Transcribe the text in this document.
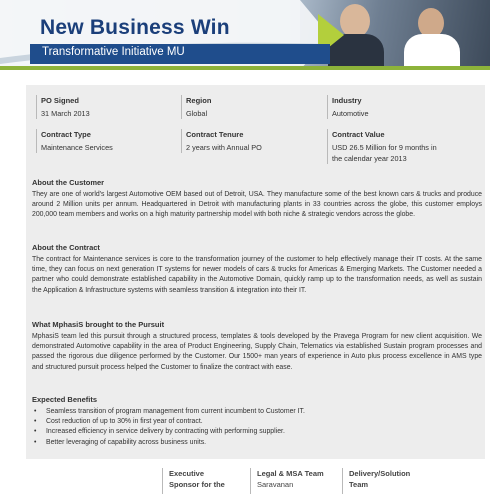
New Business Win
Transformative Initiative MU
PO Signed
31 March 2013
Region
Global
Industry
Automotive
Contract Type
Maintenance Services
Contract Tenure
2 years with Annual PO
Contract Value
USD 26.5 Million for 9 months in
the calendar year 2013
About the Customer

They are one of world's largest Automotive OEM based out of Detroit, USA. They manufacture some of the best known cars & trucks and produce around 2 Million units per annum. Headquartered in Detroit with manufacturing plants in 33 countries across the globe, this customer employs 200,000 team members and works on a high maturity partnership model with both niche & strategic vendors across the globe.

About the Contract

The contract for Maintenance services is core to the transformation journey of the customer to help effectively manage their IT costs. At the same time, they can focus on next generation IT systems for newer models of cars & trucks for Americas & Emerging Markets. The Customer needed a partner who could demonstrate established capability in the Automotive Domain, quickly ramp up to the transformation needs, as well as sustain the Application & Infrastructure systems with seamless transition & integration into their IT.

What MphasiS brought to the Pursuit

MphasiS team led this pursuit through a structured process, templates & tools developed by the Pravega Program for new client acquisition. We demonstrated Automotive capability in the area of Product Engineering, Supply Chain, Telematics via established Sustain program processes and passed the rigorous due diligence performed by the Customer. Our 1500+ man years of experience in Auto plus process excellence in AMS type and structured pursuit process helped the Customer to finalize the contract with ease.

Expected Benefits
• Seamless transition of program management from current incumbent to Customer IT.
• Cost reduction of up to 30% in first year of contract.
• Increased efficiency in service delivery by contracting with performing supplier.
• Better leveraging of capability across business units.
Executive
Sponsor for the
Legal & MSA Team
Saravanan
Delivery/Solution
Team
